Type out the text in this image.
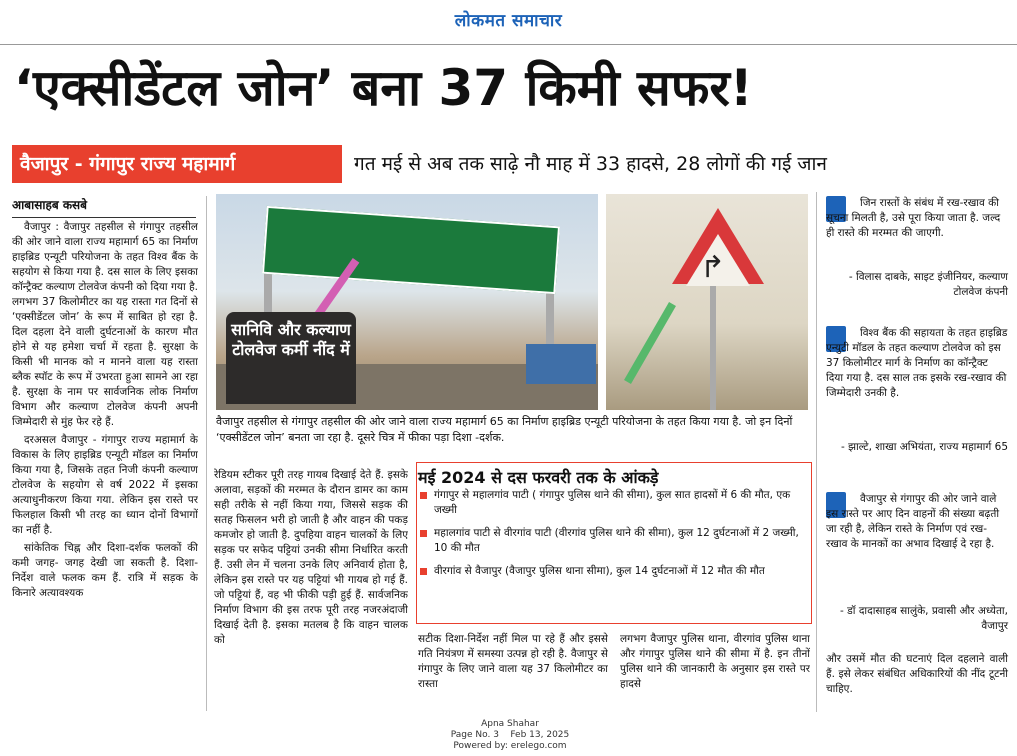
लोकमत समाचार
‘एक्सीडेंटल जोन’ बना 37 किमी सफर!
वैजापुर - गंगापुर राज्य महामार्ग	गत मई से अब तक साढ़े नौ माह में 33 हादसे, 28 लोगों की गई जान
आबासाहब कसबे

वैजापुर : वैजापुर तहसील से गंगापुर तहसील की ओर जाने वाला राज्य महामार्ग 65 का निर्माण हाइब्रिड एन्यूटी परियोजना के तहत विश्व बैंक के सहयोग से किया गया है. दस साल के लिए इसका कॉन्ट्रैक्ट कल्याण टोलवेज कंपनी को दिया गया है. लगभग 37 किलोमीटर का यह रास्ता गत दिनों से ‘एक्सीडेंटल जोन’ के रूप में साबित हो रहा है. दिल दहला देने वाली दुर्घटनाओं के कारण मौत होने से यह हमेशा चर्चा में रहता है. सुरक्षा के किसी भी मानक को न मानने वाला यह रास्ता ब्लैक स्पॉट के रूप में उभरता हुआ सामने आ रहा है. सुरक्षा के नाम पर सार्वजनिक लोक निर्माण विभाग और कल्याण टोलवेज कंपनी अपनी जिम्मेदारी से मुंह फेर रहे हैं.

दरअसल वैजापुर - गंगापुर राज्य महामार्ग के विकास के लिए हाइब्रिड एन्यूटी मॉडल का निर्माण किया गया है, जिसके तहत निजी कंपनी कल्याण टोलवेज के सहयोग से वर्ष 2022 में इसका अत्याधुनीकरण किया गया. लेकिन इस रास्ते पर फिलहाल किसी भी तरह का ध्यान दोनों विभागों का नहीं है.

सांकेतिक चिह्न और दिशा-दर्शक फलकों की कमी जगह- जगह देखी जा सकती है. दिशा-निर्देश वाले फलक कम हैं. रात्रि में सड़क के किनारे अत्यावश्यक

सानिवि और कल्याण टोलवेज कर्मी नींद में
↱
वैजापुर तहसील से गंगापुर तहसील की ओर जाने वाला राज्य महामार्ग 65 का निर्माण हाइब्रिड एन्यूटी परियोजना के तहत किया गया है. जो इन दिनों ‘एक्सीडेंटल जोन’ बनता जा रहा है. दूसरे चित्र में फीका पड़ा दिशा -दर्शक.
रेडियम स्टीकर पूरी तरह गायब दिखाई देते हैं. इसके अलावा, सड़कों की मरम्मत के दौरान डामर का काम सही तरीके से नहीं किया गया, जिससे सड़क की सतह फिसलन भरी हो जाती है और वाहन की पकड़ कमजोर हो जाती है. दुपहिया वाहन चालकों के लिए सड़क पर सफेद पट्टियां उनकी सीमा निर्धारित करती हैं. उसी लेन में चलना उनके लिए अनिवार्य होता है, लेकिन इस रास्ते पर यह पट्टियां भी गायब हो गई हैं. जो पट्टियां हैं, वह भी फीकी पड़ी हुई हैं. सार्वजनिक निर्माण विभाग की इस तरफ पूरी तरह नजरअंदाजी दिखाई देती है. इसका मतलब है कि वाहन चालक को
मई 2024 से दस फरवरी तक के आंकड़े
गंगापुर से महालगांव पाटी ( गंगापुर पुलिस थाने की सीमा), कुल सात हादसों में 6 की मौत, एक जख्मी
महालगांव पाटी से वीरगांव पाटी (वीरगांव पुलिस थाने की सीमा), कुल 12 दुर्घटनाओं में 2 जख्मी, 10 की मौत
वीरगांव से वैजापुर (वैजापुर पुलिस थाना सीमा), कुल 14 दुर्घटनाओं में 12 मौत की मौत
सटीक दिशा-निर्देश नहीं मिल पा रहे हैं और इससे गति नियंत्रण में समस्या उत्पन्न हो रही है. वैजापुर से गंगापुर के लिए जाने वाला यह 37 किलोमीटर का रास्ता
लगभग वैजापुर पुलिस थाना, वीरगांव पुलिस थाना और गंगापुर पुलिस थाने की सीमा में है. इन तीनों पुलिस थाने की जानकारी के अनुसार इस रास्ते पर हादसे
जिन रास्तों के संबंध में रख-रखाव की सूचना मिलती है, उसे पूरा किया जाता है. जल्द ही रास्ते की मरम्मत की जाएगी.
- विलास दाबके, साइट इंजीनियर, कल्याण टोलवेज कंपनी
विश्व बैंक की सहायता के तहत हाइब्रिड एन्युटी मॉडल के तहत कल्याण टोलवेज को इस 37 किलोमीटर मार्ग के निर्माण का कॉन्ट्रैक्ट दिया गया है. दस साल तक इसके रख-रखाव की जिम्मेदारी उनकी है.
- झाल्टे, शाखा अभियंता, राज्य महामार्ग 65
वैजापुर से गंगापुर की ओर जाने वाले इस रास्ते पर आए दिन वाहनों की संख्या बढ़ती जा रही है, लेकिन रास्ते के निर्माण एवं रख-रखाव के मानकों का अभाव दिखाई दे रहा है.
- डॉ दादासाहब सालुंके, प्रवासी और अध्येता, वैजापुर
और उसमें मौत की घटनाएं दिल दहलाने वाली हैं. इसे लेकर संबंधित अधिकारियों की नींद टूटनी चाहिए.
Apna Shahar
Page No. 3    Feb 13, 2025
Powered by: erelego.com
